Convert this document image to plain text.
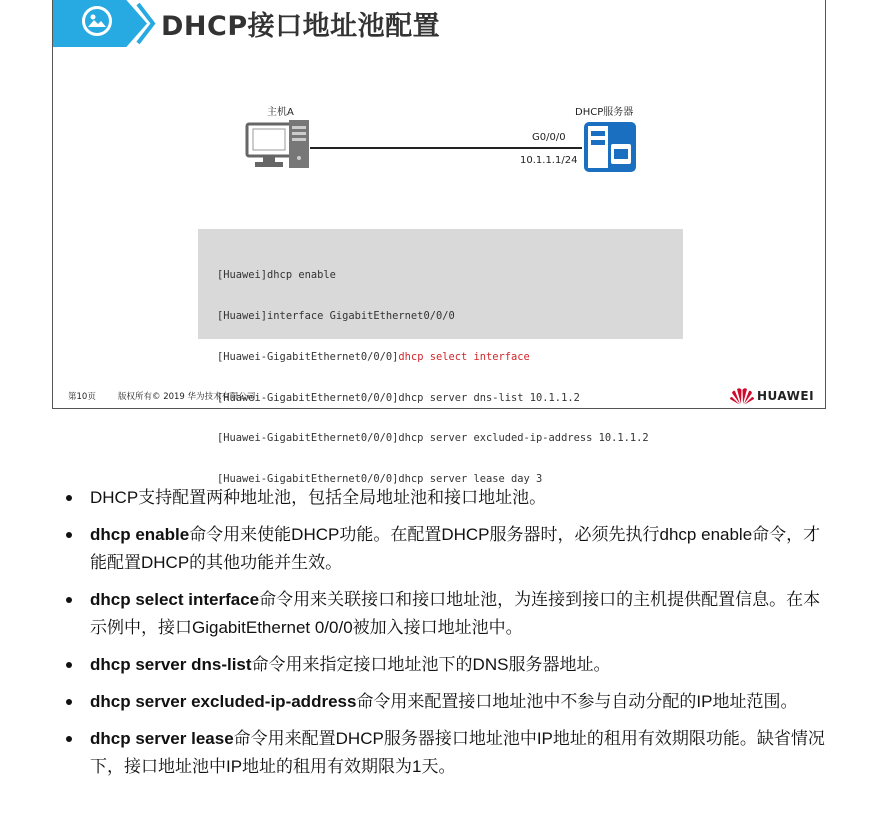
DHCP接口地址池配置
主机A	DHCP服务器
G0/0/0
10.1.1.1/24

[Huawei]dhcp enable

[Huawei]interface GigabitEthernet0/0/0

[Huawei-GigabitEthernet0/0/0]dhcp select interface

[Huawei-GigabitEthernet0/0/0]dhcp server dns-list 10.1.1.2

[Huawei-GigabitEthernet0/0/0]dhcp server excluded-ip-address 10.1.1.2

[Huawei-GigabitEthernet0/0/0]dhcp server lease day 3

第10页	版权所有© 2019 华为技术有限公司	HUAWEI
DHCP支持配置两种地址池，包括全局地址池和接口地址池。
dhcp enable命令用来使能DHCP功能。在配置DHCP服务器时，必须先执行dhcp enable命令，才能配置DHCP的其他功能并生效。
dhcp select interface命令用来关联接口和接口地址池，为连接到接口的主机提供配置信息。在本示例中，接口GigabitEthernet 0/0/0被加入接口地址池中。
dhcp server dns-list命令用来指定接口地址池下的DNS服务器地址。
dhcp server excluded-ip-address命令用来配置接口地址池中不参与自动分配的IP地址范围。
dhcp server lease命令用来配置DHCP服务器接口地址池中IP地址的租用有效期限功能。缺省情况下，接口地址池中IP地址的租用有效期限为1天。
